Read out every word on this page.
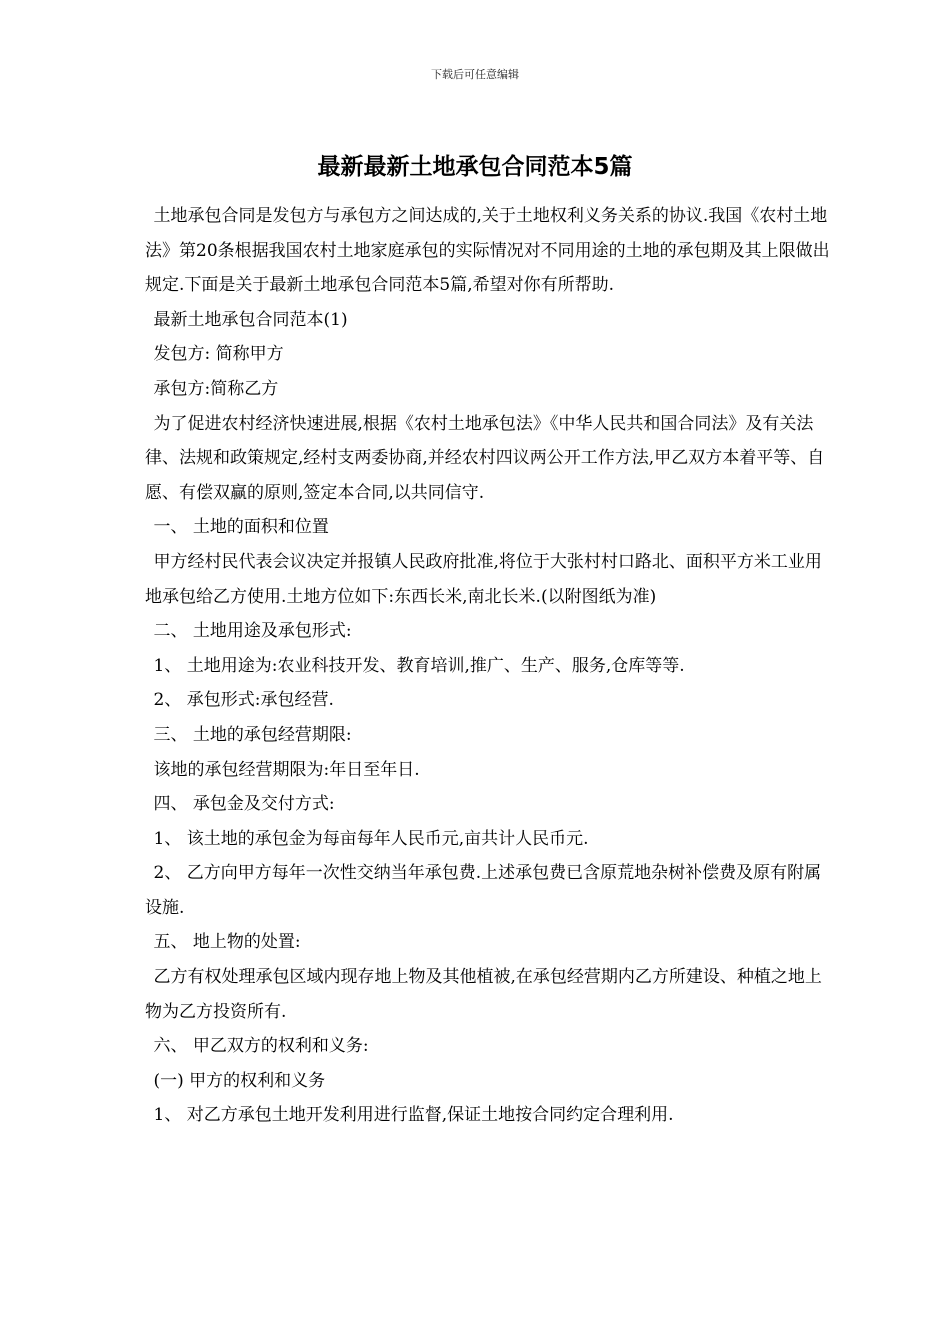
下载后可任意编辑
最新最新土地承包合同范本5篇

土地承包合同是发包方与承包方之间达成的,关于土地权利义务关系的协议.我国《农村土地法》第20条根据我国农村土地家庭承包的实际情况对不同用途的土地的承包期及其上限做出规定.下面是关于最新土地承包合同范本5篇,希望对你有所帮助.

最新土地承包合同范本(1)

发包方: 简称甲方

承包方:简称乙方

为了促进农村经济快速进展,根据《农村土地承包法》《中华人民共和国合同法》及有关法律、法规和政策规定,经村支两委协商,并经农村四议两公开工作方法,甲乙双方本着平等、自愿、有偿双赢的原则,签定本合同,以共同信守.

一、 土地的面积和位置

甲方经村民代表会议决定并报镇人民政府批准,将位于大张村村口路北、面积平方米工业用地承包给乙方使用.土地方位如下:东西长米,南北长米.(以附图纸为准)

二、 土地用途及承包形式:

1、 土地用途为:农业科技开发、教育培训,推广、生产、服务,仓库等等.

2、 承包形式:承包经营.

三、 土地的承包经营期限:

该地的承包经营期限为:年日至年日.

四、 承包金及交付方式:

1、 该土地的承包金为每亩每年人民币元,亩共计人民币元.

2、 乙方向甲方每年一次性交纳当年承包费.上述承包费已含原荒地杂树补偿费及原有附属设施.

五、 地上物的处置:

乙方有权处理承包区域内现存地上物及其他植被,在承包经营期内乙方所建设、种植之地上物为乙方投资所有.

六、 甲乙双方的权利和义务:

(一) 甲方的权利和义务

1、 对乙方承包土地开发利用进行监督,保证土地按合同约定合理利用.
